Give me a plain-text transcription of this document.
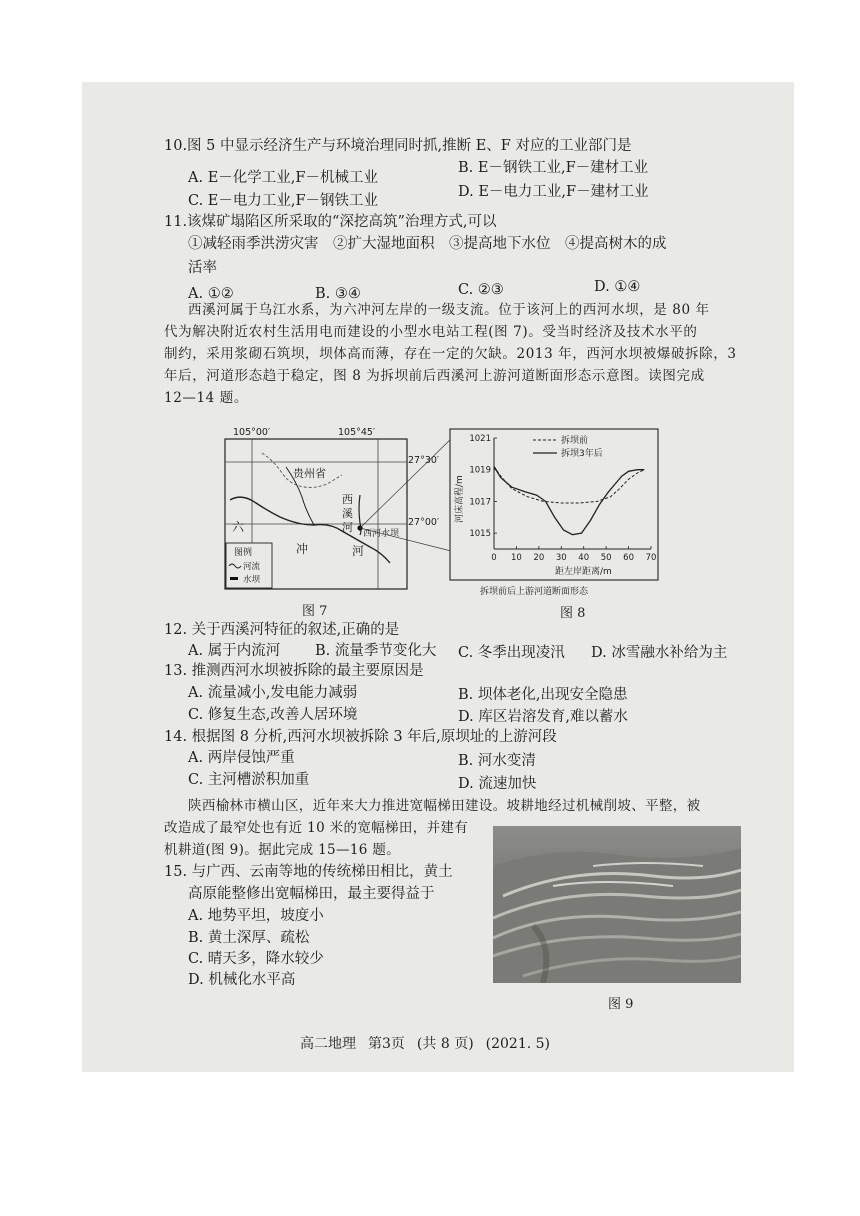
10.图 5 中显示经济生产与环境治理同时抓,推断 E、F 对应的工业部门是
A. E－化学工业,F－机械工业
B. E－钢铁工业,F－建材工业
C. E－电力工业,F－钢铁工业
D. E－电力工业,F－建材工业
11.该煤矿塌陷区所采取的“深挖高筑”治理方式,可以
①减轻雨季洪涝灾害　②扩大湿地面积　③提高地下水位　④提高树木的成
活率
A. ①②	B. ③④	C. ②③	D. ①④
西溪河属于乌江水系，为六冲河左岸的一级支流。位于该河上的西河水坝，是 80 年
代为解决附近农村生活用电而建设的小型水电站工程(图 7)。受当时经济及技术水平的
制约，采用浆砌石筑坝，坝体高而薄，存在一定的欠缺。2013 年，西河水坝被爆破拆除，3
年后，河道形态趋于稳定，图 8 为拆坝前后西溪河上游河道断面形态示意图。读图完成
12—14 题。
105°00′	105°45′
27°30′
27°00′
贵州省
西
溪
河 西河水坝
六
冲	河
图例
河流
水坝
图 7
0 10 20 30 40 50 60 70
1015
1017
1019
1021
河床高程/m
距左岸距离/m
拆坝前
拆坝3年后
拆坝前后上游河道断面形态
图 8
12. 关于西溪河特征的叙述,正确的是
A. 属于内流河 B. 流量季节变化大 C. 冬季出现凌汛 D. 冰雪融水补给为主
13. 推测西河水坝被拆除的最主要原因是
A. 流量减小,发电能力减弱	B. 坝体老化,出现安全隐患
C. 修复生态,改善人居环境	D. 库区岩溶发育,难以蓄水
14. 根据图 8 分析,西河水坝被拆除 3 年后,原坝址的上游河段
A. 两岸侵蚀严重	B. 河水变清
C. 主河槽淤积加重	D. 流速加快
陕西榆林市横山区，近年来大力推进宽幅梯田建设。坡耕地经过机械削坡、平整，被
改造成了最窄处也有近 10 米的宽幅梯田，并建有
机耕道(图 9)。据此完成 15—16 题。
15. 与广西、云南等地的传统梯田相比，黄土
高原能整修出宽幅梯田，最主要得益于
A. 地势平坦，坡度小
B. 黄土深厚、疏松
C. 晴天多，降水较少
D. 机械化水平高
图 9
高二地理 第3页 (共 8 页) (2021. 5)
